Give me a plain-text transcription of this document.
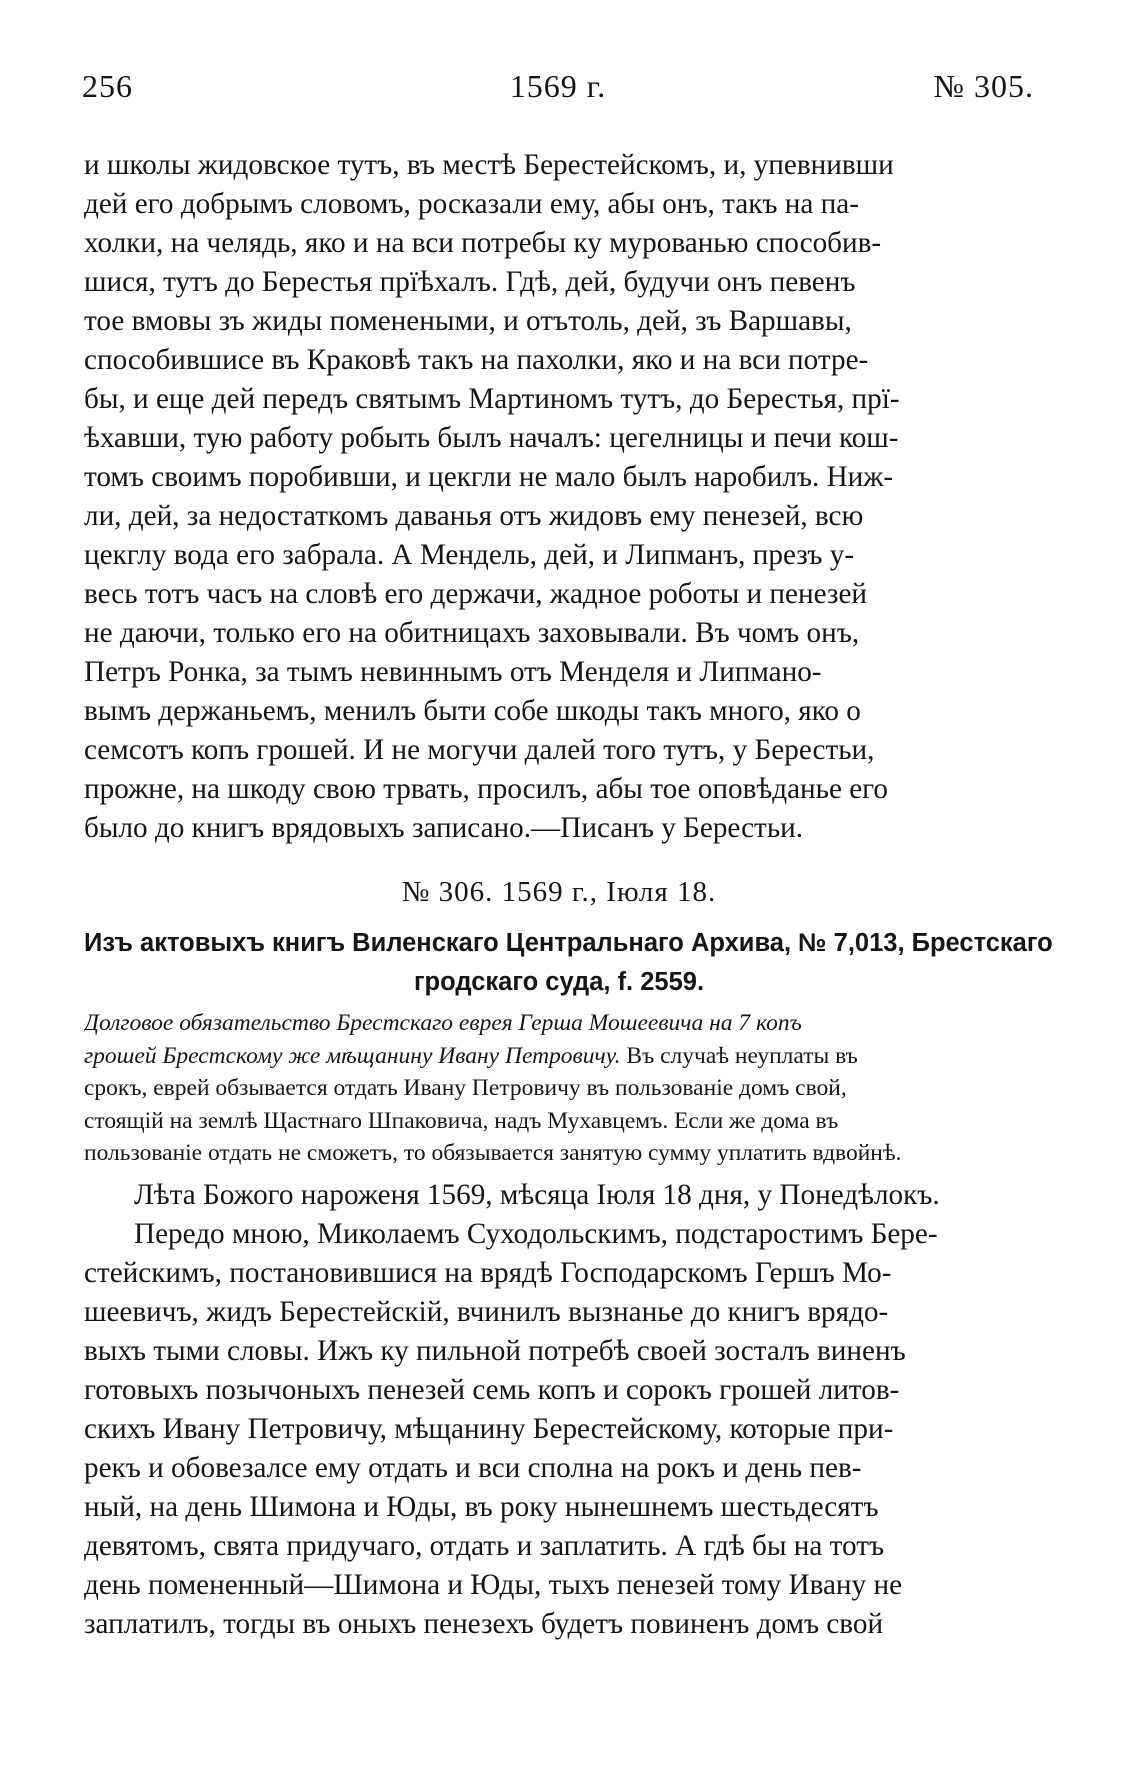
256	1569 г.	№ 305.
и школы жидовское тутъ, въ местѣ Берестейскомъ, и, упевнивши
дей его добрымъ словомъ, росказали ему, абы онъ, такъ на па-
холки, на челядь, яко и на вси потребы ку мурованью способив-
шися, тутъ до Берестья прїѣхалъ. Гдѣ, дей, будучи онъ певенъ
тое вмовы зъ жиды поменеными, и отътоль, дей, зъ Варшавы,
способившисе въ Краковѣ такъ на пахолки, яко и на вси потре-
бы, и еще дей передъ святымъ Мартиномъ тутъ, до Берестья, прї-
ѣхавши, тую работу робыть былъ началъ: цегелницы и печи кош-
томъ своимъ поробивши, и цекгли не мало былъ наробилъ. Ниж-
ли, дей, за недостаткомъ даванья отъ жидовъ ему пенезей, всю
цекглу вода его забрала. А Мендель, дей, и Липманъ, презъ у-
весь тотъ часъ на словѣ его держачи, жадное роботы и пенезей
не даючи, только его на обитницахъ заховывали. Въ чомъ онъ,
Петръ Ронка, за тымъ невиннымъ отъ Менделя и Липмано-
вымъ держаньемъ, менилъ быти собе шкоды такъ много, яко о
семсотъ копъ грошей. И не могучи далей того тутъ, у Берестьи,
прожне, на шкоду свою трвать, просилъ, абы тое оповѣданье его
было до книгъ врядовыхъ записано.—Писанъ у Берестьи.
№ 306. 1569 г., Iюля 18.
Изъ актовыхъ книгъ Виленскаго Центральнаго Архива, № 7,013, Брестскаго
гродскаго суда, f. 2559.
Долговое обязательство Брестскаго еврея Герша Мошеевича на 7 копъ
грошей Брестскому же мѣщанину Ивану Петровичу. Въ случаѣ неуплаты въ
срокъ, еврей обзывается отдать Ивану Петровичу въ пользованіе домъ свой,
стоящій на землѣ Щастнаго Шпаковича, надъ Мухавцемъ. Если же дома въ
пользованіе отдать не сможетъ, то обязывается занятую сумму уплатить вдвойнѣ.
Лѣта Божого нароженя 1569, мѣсяца Iюля 18 дня, у Понедѣлокъ.
Передо мною, Миколаемъ Суходольскимъ, подстаростимъ Бере-
стейскимъ, постановившися на врядѣ Господарскомъ Гершъ Мо-
шеевичъ, жидъ Берестейскій, вчинилъ вызнанье до книгъ врядо-
выхъ тыми словы. Ижъ ку пильной потребѣ своей зосталъ виненъ
готовыхъ позычоныхъ пенезей семь копъ и сорокъ грошей литов-
скихъ Ивану Петровичу, мѣщанину Берестейскому, которые при-
рекъ и обовезалсе ему отдать и вси сполна на рокъ и день пев-
ный, на день Шимона и Юды, въ року нынешнемъ шестьдесятъ
девятомъ, свята придучаго, отдать и заплатить. А гдѣ бы на тотъ
день помененный—Шимона и Юды, тыхъ пенезей тому Ивану не
заплатилъ, тогды въ оныхъ пенезехъ будетъ повиненъ домъ свой
